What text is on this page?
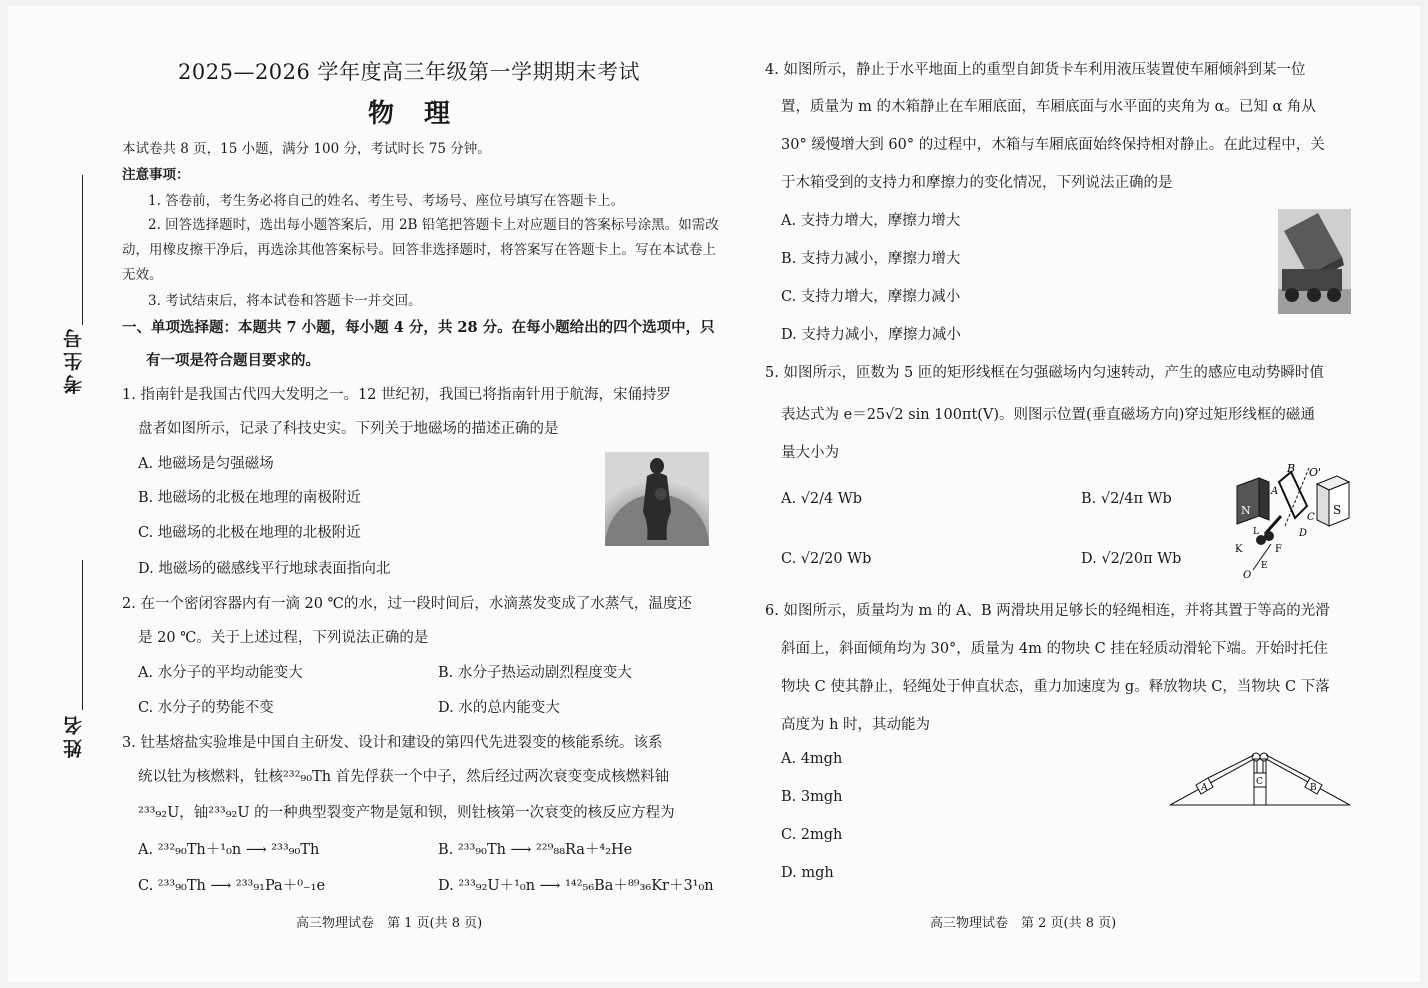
考生号
姓名
2025—2026 学年度高三年级第一学期期末考试
物理
本试卷共 8 页，15 小题，满分 100 分，考试时长 75 分钟。
注意事项：
1. 答卷前，考生务必将自己的姓名、考生号、考场号、座位号填写在答题卡上。
2. 回答选择题时，选出每小题答案后，用 2B 铅笔把答题卡上对应题目的答案标号涂黑。如需改
动，用橡皮擦干净后，再选涂其他答案标号。回答非选择题时，将答案写在答题卡上。写在本试卷上
无效。
3. 考试结束后，将本试卷和答题卡一并交回。
一、单项选择题：本题共 7 小题，每小题 4 分，共 28 分。在每小题给出的四个选项中，只
有一项是符合题目要求的。
1. 指南针是我国古代四大发明之一。12 世纪初，我国已将指南针用于航海，宋俑持罗
盘者如图所示，记录了科技史实。下列关于地磁场的描述正确的是
A. 地磁场是匀强磁场
B. 地磁场的北极在地理的南极附近
C. 地磁场的北极在地理的北极附近
D. 地磁场的磁感线平行地球表面指向北
2. 在一个密闭容器内有一滴 20 ℃的水，过一段时间后，水滴蒸发变成了水蒸气，温度还
是 20 ℃。关于上述过程，下列说法正确的是
A. 水分子的平均动能变大	B. 水分子热运动剧烈程度变大
C. 水分子的势能不变	D. 水的总内能变大
3. 钍基熔盐实验堆是中国自主研发、设计和建设的第四代先进裂变的核能系统。该系
统以钍为核燃料，钍核²³²₉₀Th 首先俘获一个中子，然后经过两次衰变变成核燃料铀
²³³₉₂U，铀²³³₉₂U 的一种典型裂变产物是氪和钡，则钍核第一次衰变的核反应方程为
A. ²³²₉₀Th＋¹₀n ⟶ ²³³₉₀Th	B. ²³³₉₀Th ⟶ ²²⁹₈₈Ra＋⁴₂He
C. ²³³₉₀Th ⟶ ²³³₉₁Pa＋⁰₋₁e	D. ²³³₉₂U＋¹₀n ⟶ ¹⁴²₅₆Ba＋⁸⁹₃₆Kr＋3¹₀n
高三物理试卷　第 1 页(共 8 页)
4. 如图所示，静止于水平地面上的重型自卸货卡车利用液压装置使车厢倾斜到某一位
置，质量为 m 的木箱静止在车厢底面，车厢底面与水平面的夹角为 α。已知 α 角从
30° 缓慢增大到 60° 的过程中，木箱与车厢底面始终保持相对静止。在此过程中，关
于木箱受到的支持力和摩擦力的变化情况，下列说法正确的是
A. 支持力增大，摩擦力增大
B. 支持力减小，摩擦力增大
C. 支持力增大，摩擦力减小
D. 支持力减小，摩擦力减小
5. 如图所示，匝数为 5 匝的矩形线框在匀强磁场内匀速转动，产生的感应电动势瞬时值
表达式为 e＝25√2 sin 100πt(V)。则图示位置(垂直磁场方向)穿过矩形线框的磁通
量大小为
A. √2/4 Wb	B. √2/4π Wb
C. √2/20 Wb	D. √2/20π Wb
B O'
A
N	S
C
D
L
F
K
E
O
6. 如图所示，质量均为 m 的 A、B 两滑块用足够长的轻绳相连，并将其置于等高的光滑
斜面上，斜面倾角均为 30°，质量为 4m 的物块 C 挂在轻质动滑轮下端。开始时托住
物块 C 使其静止，轻绳处于伸直状态，重力加速度为 g。释放物块 C，当物块 C 下落
高度为 h 时，其动能为
A. 4mgh
B. 3mgh
C. 2mgh
D. mgh
A
C
B
高三物理试卷　第 2 页(共 8 页)
